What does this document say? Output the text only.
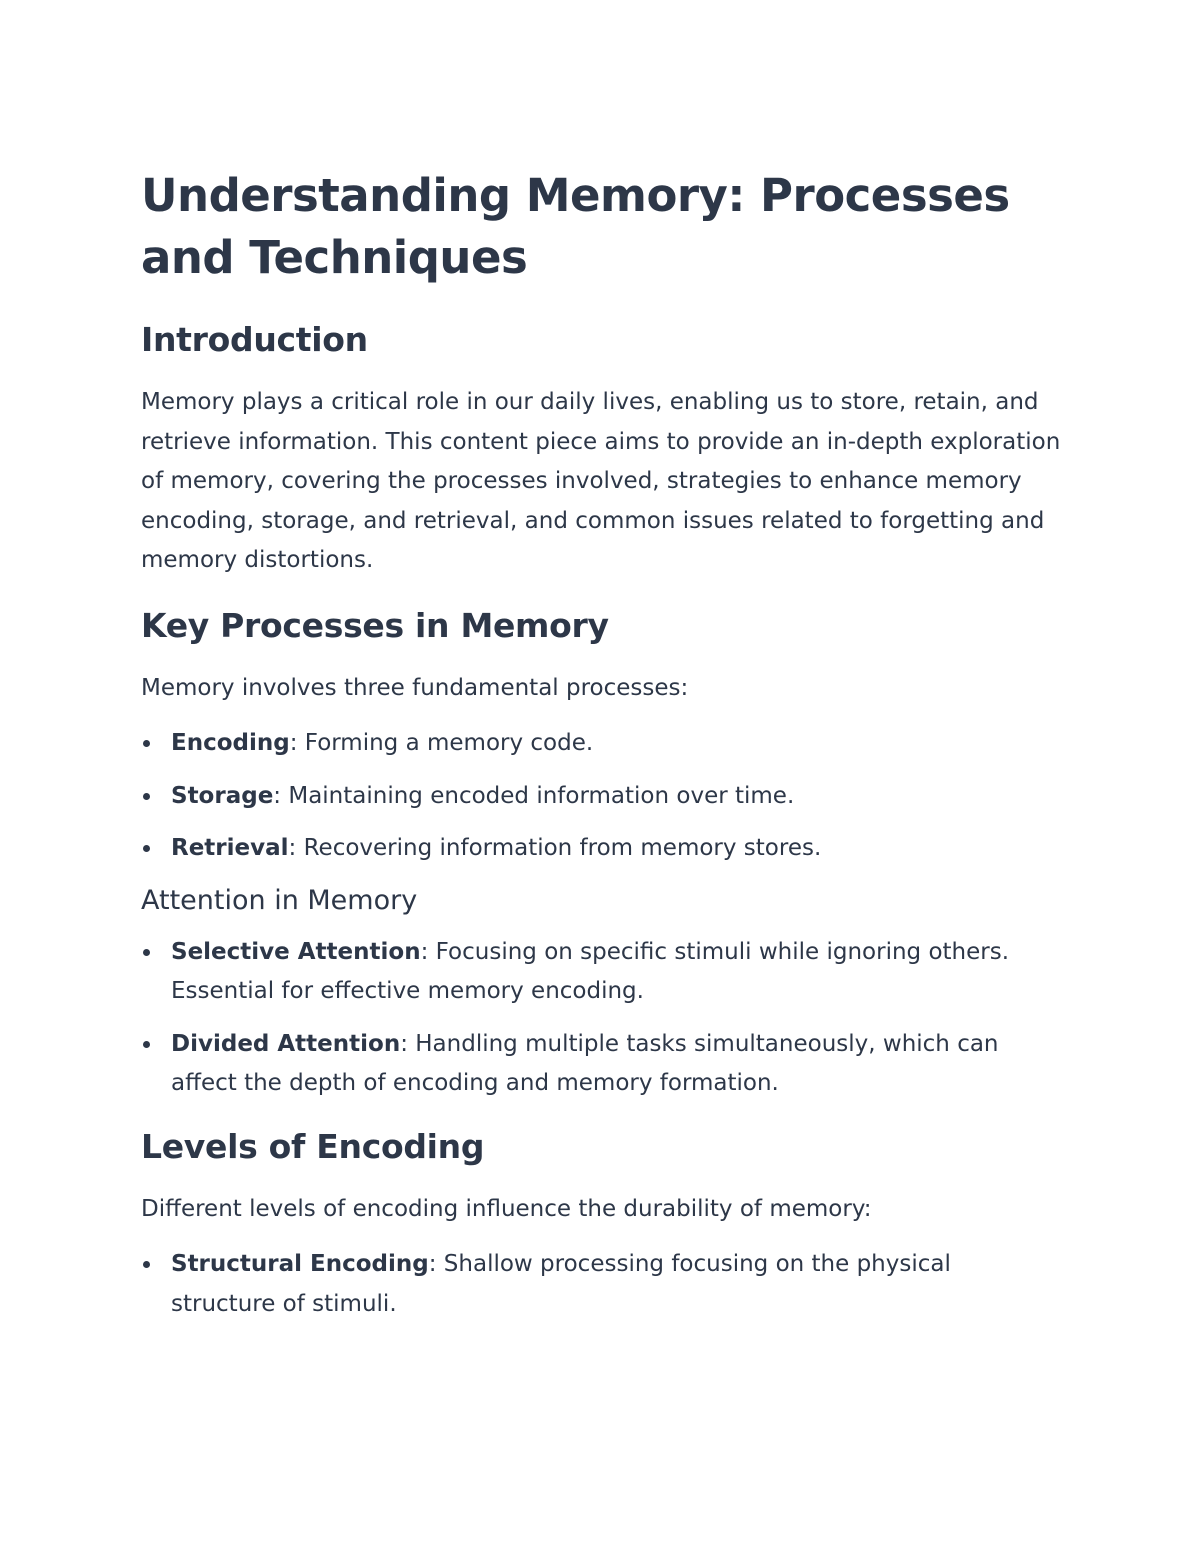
Understanding Memory: Processes and Techniques
Introduction

Memory plays a critical role in our daily lives, enabling us to store, retain, and retrieve information. This content piece aims to provide an in-depth exploration of memory, covering the processes involved, strategies to enhance memory encoding, storage, and retrieval, and common issues related to forgetting and memory distortions.

Key Processes in Memory

Memory involves three fundamental processes:

Encoding: Forming a memory code.
Storage: Maintaining encoded information over time.
Retrieval: Recovering information from memory stores.
Attention in Memory
Selective Attention: Focusing on specific stimuli while ignoring others. Essential for effective memory encoding.
Divided Attention: Handling multiple tasks simultaneously, which can affect the depth of encoding and memory formation.
Levels of Encoding

Different levels of encoding influence the durability of memory:

Structural Encoding: Shallow processing focusing on the physical structure of stimuli.
